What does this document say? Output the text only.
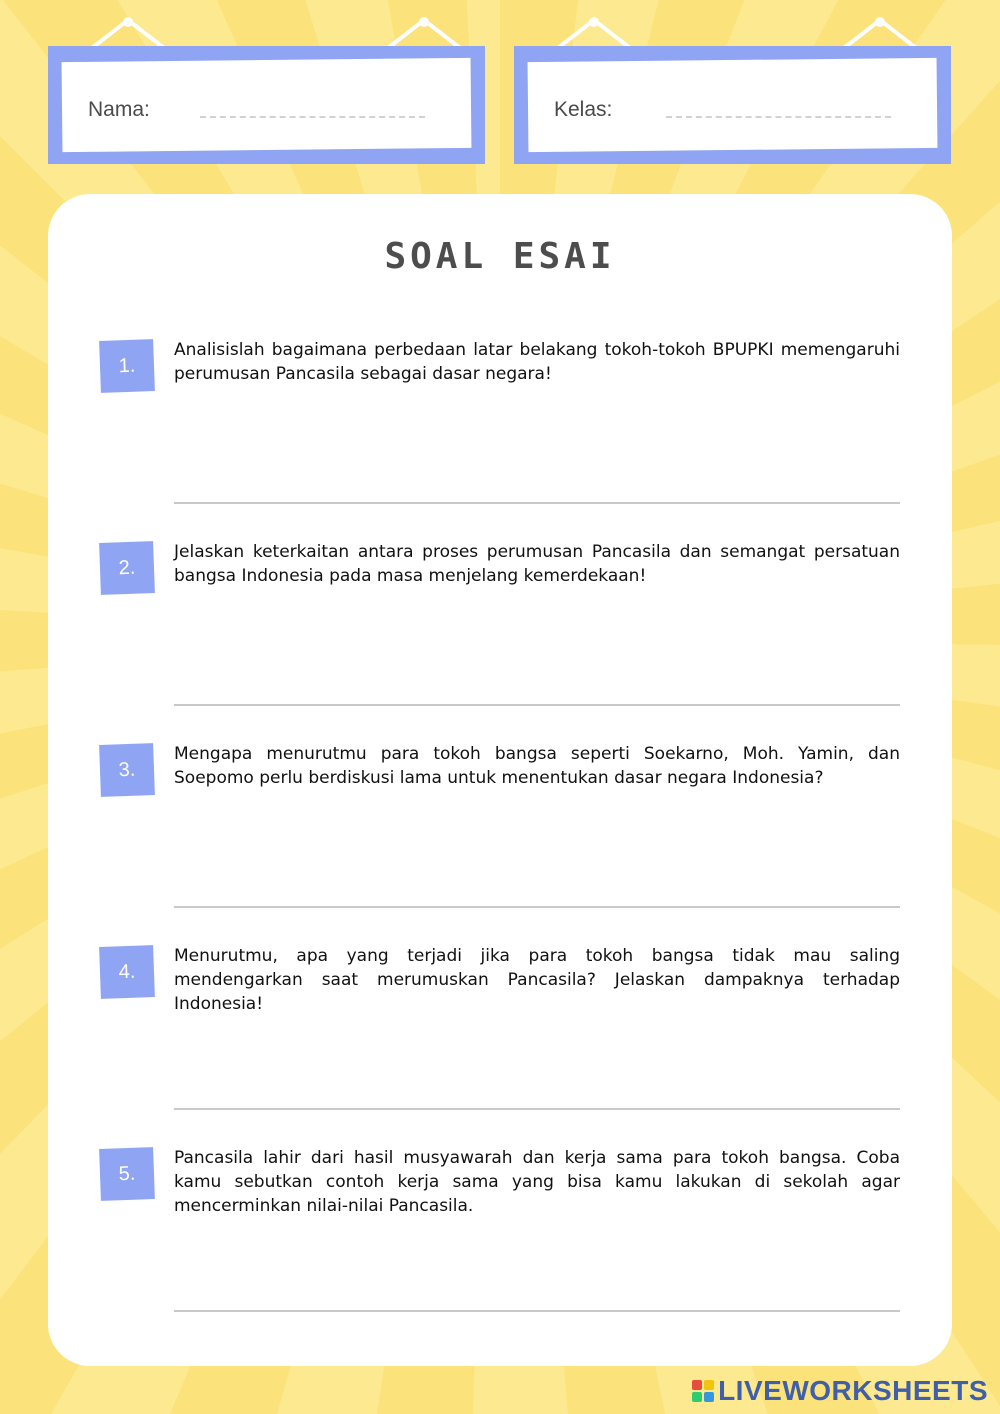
Nama:	Kelas:
SOAL ESAI
1.
Analisislah bagaimana perbedaan latar belakang tokoh-tokoh BPUPKI memengaruhi perumusan Pancasila sebagai dasar negara!
2.
Jelaskan keterkaitan antara proses perumusan Pancasila dan semangat persatuan bangsa Indonesia pada masa menjelang kemerdekaan!
3.
Mengapa menurutmu para tokoh bangsa seperti Soekarno, Moh. Yamin, dan Soepomo perlu berdiskusi lama untuk menentukan dasar negara Indonesia?
4.
Menurutmu, apa yang terjadi jika para tokoh bangsa tidak mau saling mendengarkan saat merumuskan Pancasila? Jelaskan dampaknya terhadap Indonesia!
5.
Pancasila lahir dari hasil musyawarah dan kerja sama para tokoh bangsa. Coba kamu sebutkan contoh kerja sama yang bisa kamu lakukan di sekolah agar mencerminkan nilai-nilai Pancasila.
LIVEWORKSHEETS
